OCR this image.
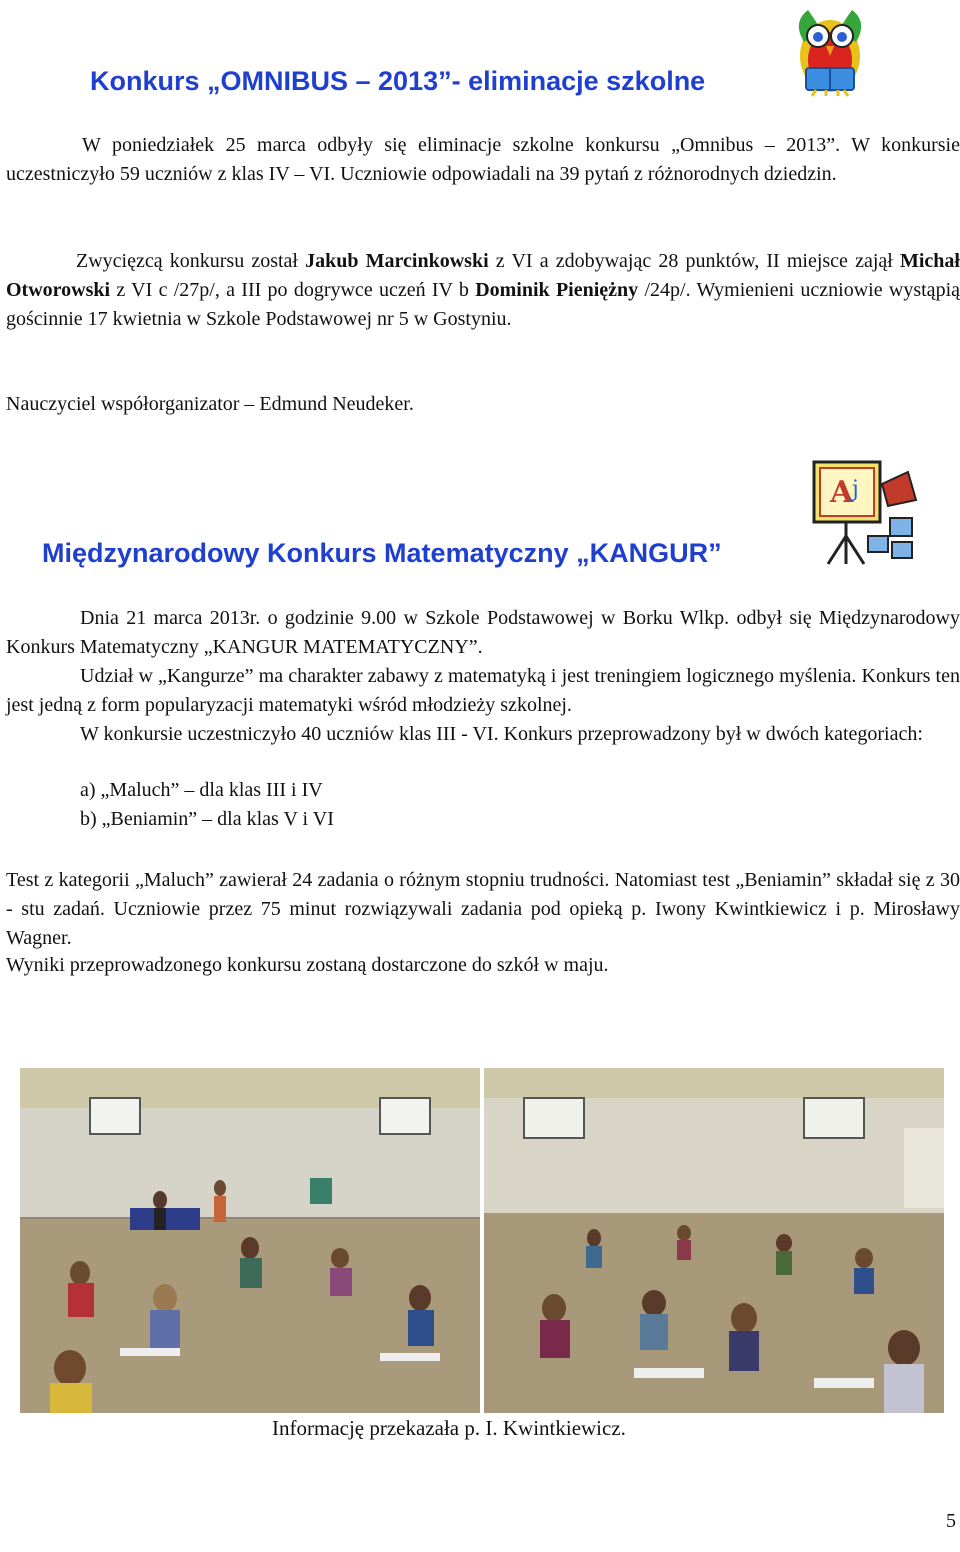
Konkurs „OMNIBUS – 2013”- eliminacje szkolne

W poniedziałek 25 marca odbyły się eliminacje szkolne konkursu „Omnibus – 2013”. W konkursie uczestniczyło 59 uczniów z klas IV – VI. Uczniowie odpowiadali na 39 pytań z różnorodnych dziedzin.

Zwycięzcą konkursu został Jakub Marcinkowski z VI a zdobywając 28 punktów, II miejsce zajął Michał Otworowski z VI c /27p/, a III po dogrywce uczeń IV b Dominik Pieniężny /24p/. Wymienieni uczniowie wystąpią gościnnie 17 kwietnia w Szkole Podstawowej nr 5 w Gostyniu.

Nauczyciel współorganizator – Edmund Neudeker.
A
j
Międzynarodowy Konkurs Matematyczny „KANGUR”

Dnia 21 marca 2013r. o godzinie 9.00 w Szkole Podstawowej w Borku Wlkp. odbył się Międzynarodowy Konkurs Matematyczny „KANGUR MATEMATYCZNY”.

Udział w „Kangurze” ma charakter zabawy z matematyką i jest treningiem logicznego myślenia. Konkurs ten jest jedną z form popularyzacji matematyki wśród młodzieży szkolnej.

W konkursie uczestniczyło 40 uczniów klas III - VI. Konkurs przeprowadzony był w dwóch kategoriach:

a) „Maluch” – dla klas III i IV
b) „Beniamin” – dla klas V i VI

Test z kategorii „Maluch” zawierał 24 zadania o różnym stopniu trudności. Natomiast test „Beniamin” składał się z 30 - stu zadań. Uczniowie przez 75 minut rozwiązywali zadania pod opieką p. Iwony Kwintkiewicz i p. Mirosławy Wagner.

Wyniki przeprowadzonego konkursu zostaną dostarczone do szkół w maju.
Informację przekazała p. I. Kwintkiewicz.
5
